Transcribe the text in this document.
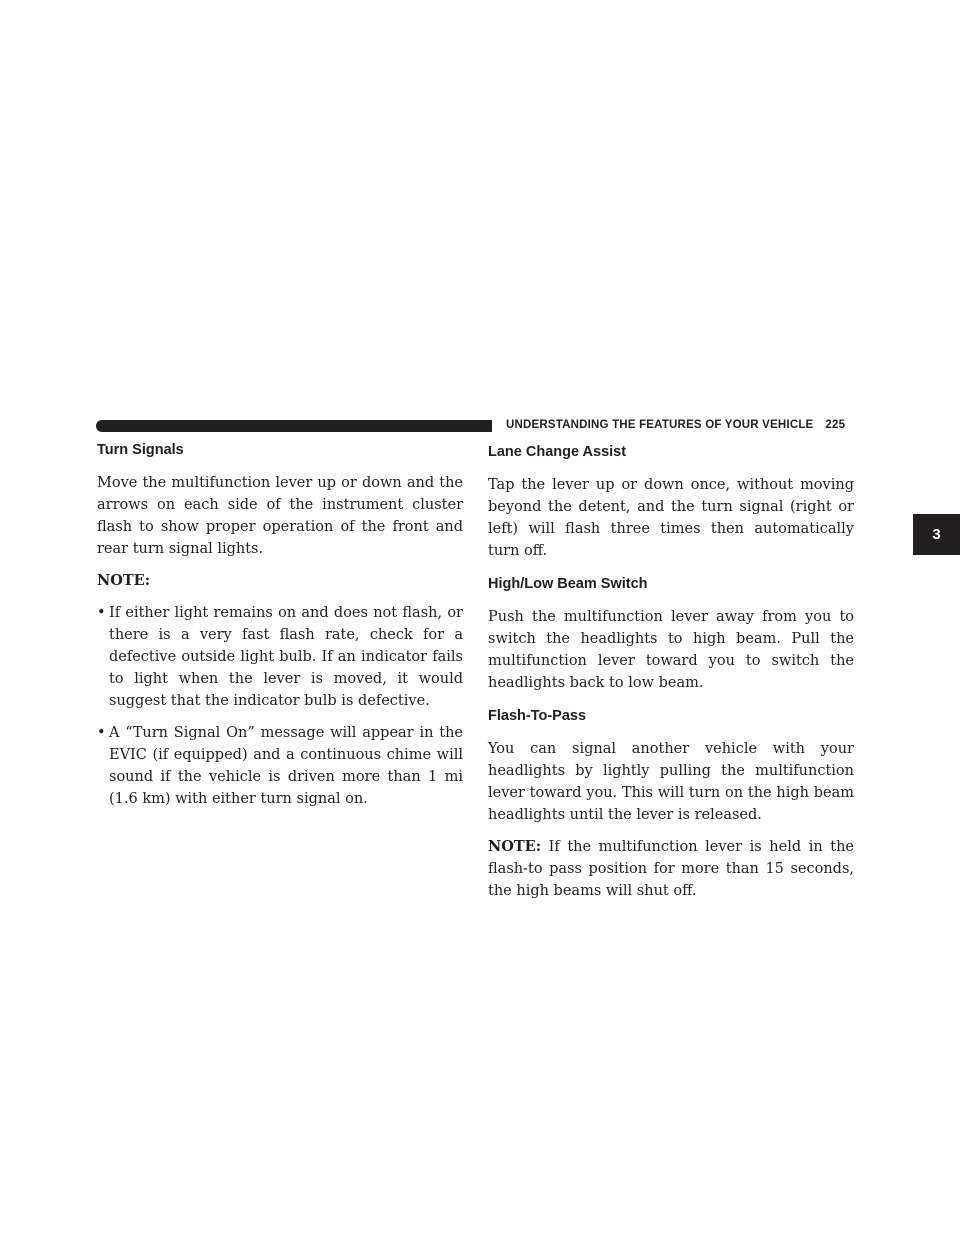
UNDERSTANDING THE FEATURES OF YOUR VEHICLE 225
3
Turn Signals

Move the multifunction lever up or down and the arrows on each side of the instrument cluster flash to show proper operation of the front and rear turn signal lights.

NOTE:

• If either light remains on and does not flash, or there is a very fast flash rate, check for a defective outside light bulb. If an indicator fails to light when the lever is moved, it would suggest that the indicator bulb is defective.
• A “Turn Signal On” message will appear in the EVIC (if equipped) and a continuous chime will sound if the vehicle is driven more than 1 mi (1.6 km) with either turn signal on.
Lane Change Assist

Tap the lever up or down once, without moving beyond the detent, and the turn signal (right or left) will flash three times then automatically turn off.

High/Low Beam Switch

Push the multifunction lever away from you to switch the headlights to high beam. Pull the multifunction lever toward you to switch the headlights back to low beam.

Flash-To-Pass

You can signal another vehicle with your headlights by lightly pulling the multifunction lever toward you. This will turn on the high beam headlights until the lever is released.

NOTE: If the multifunction lever is held in the flash-to pass position for more than 15 seconds, the high beams will shut off.
